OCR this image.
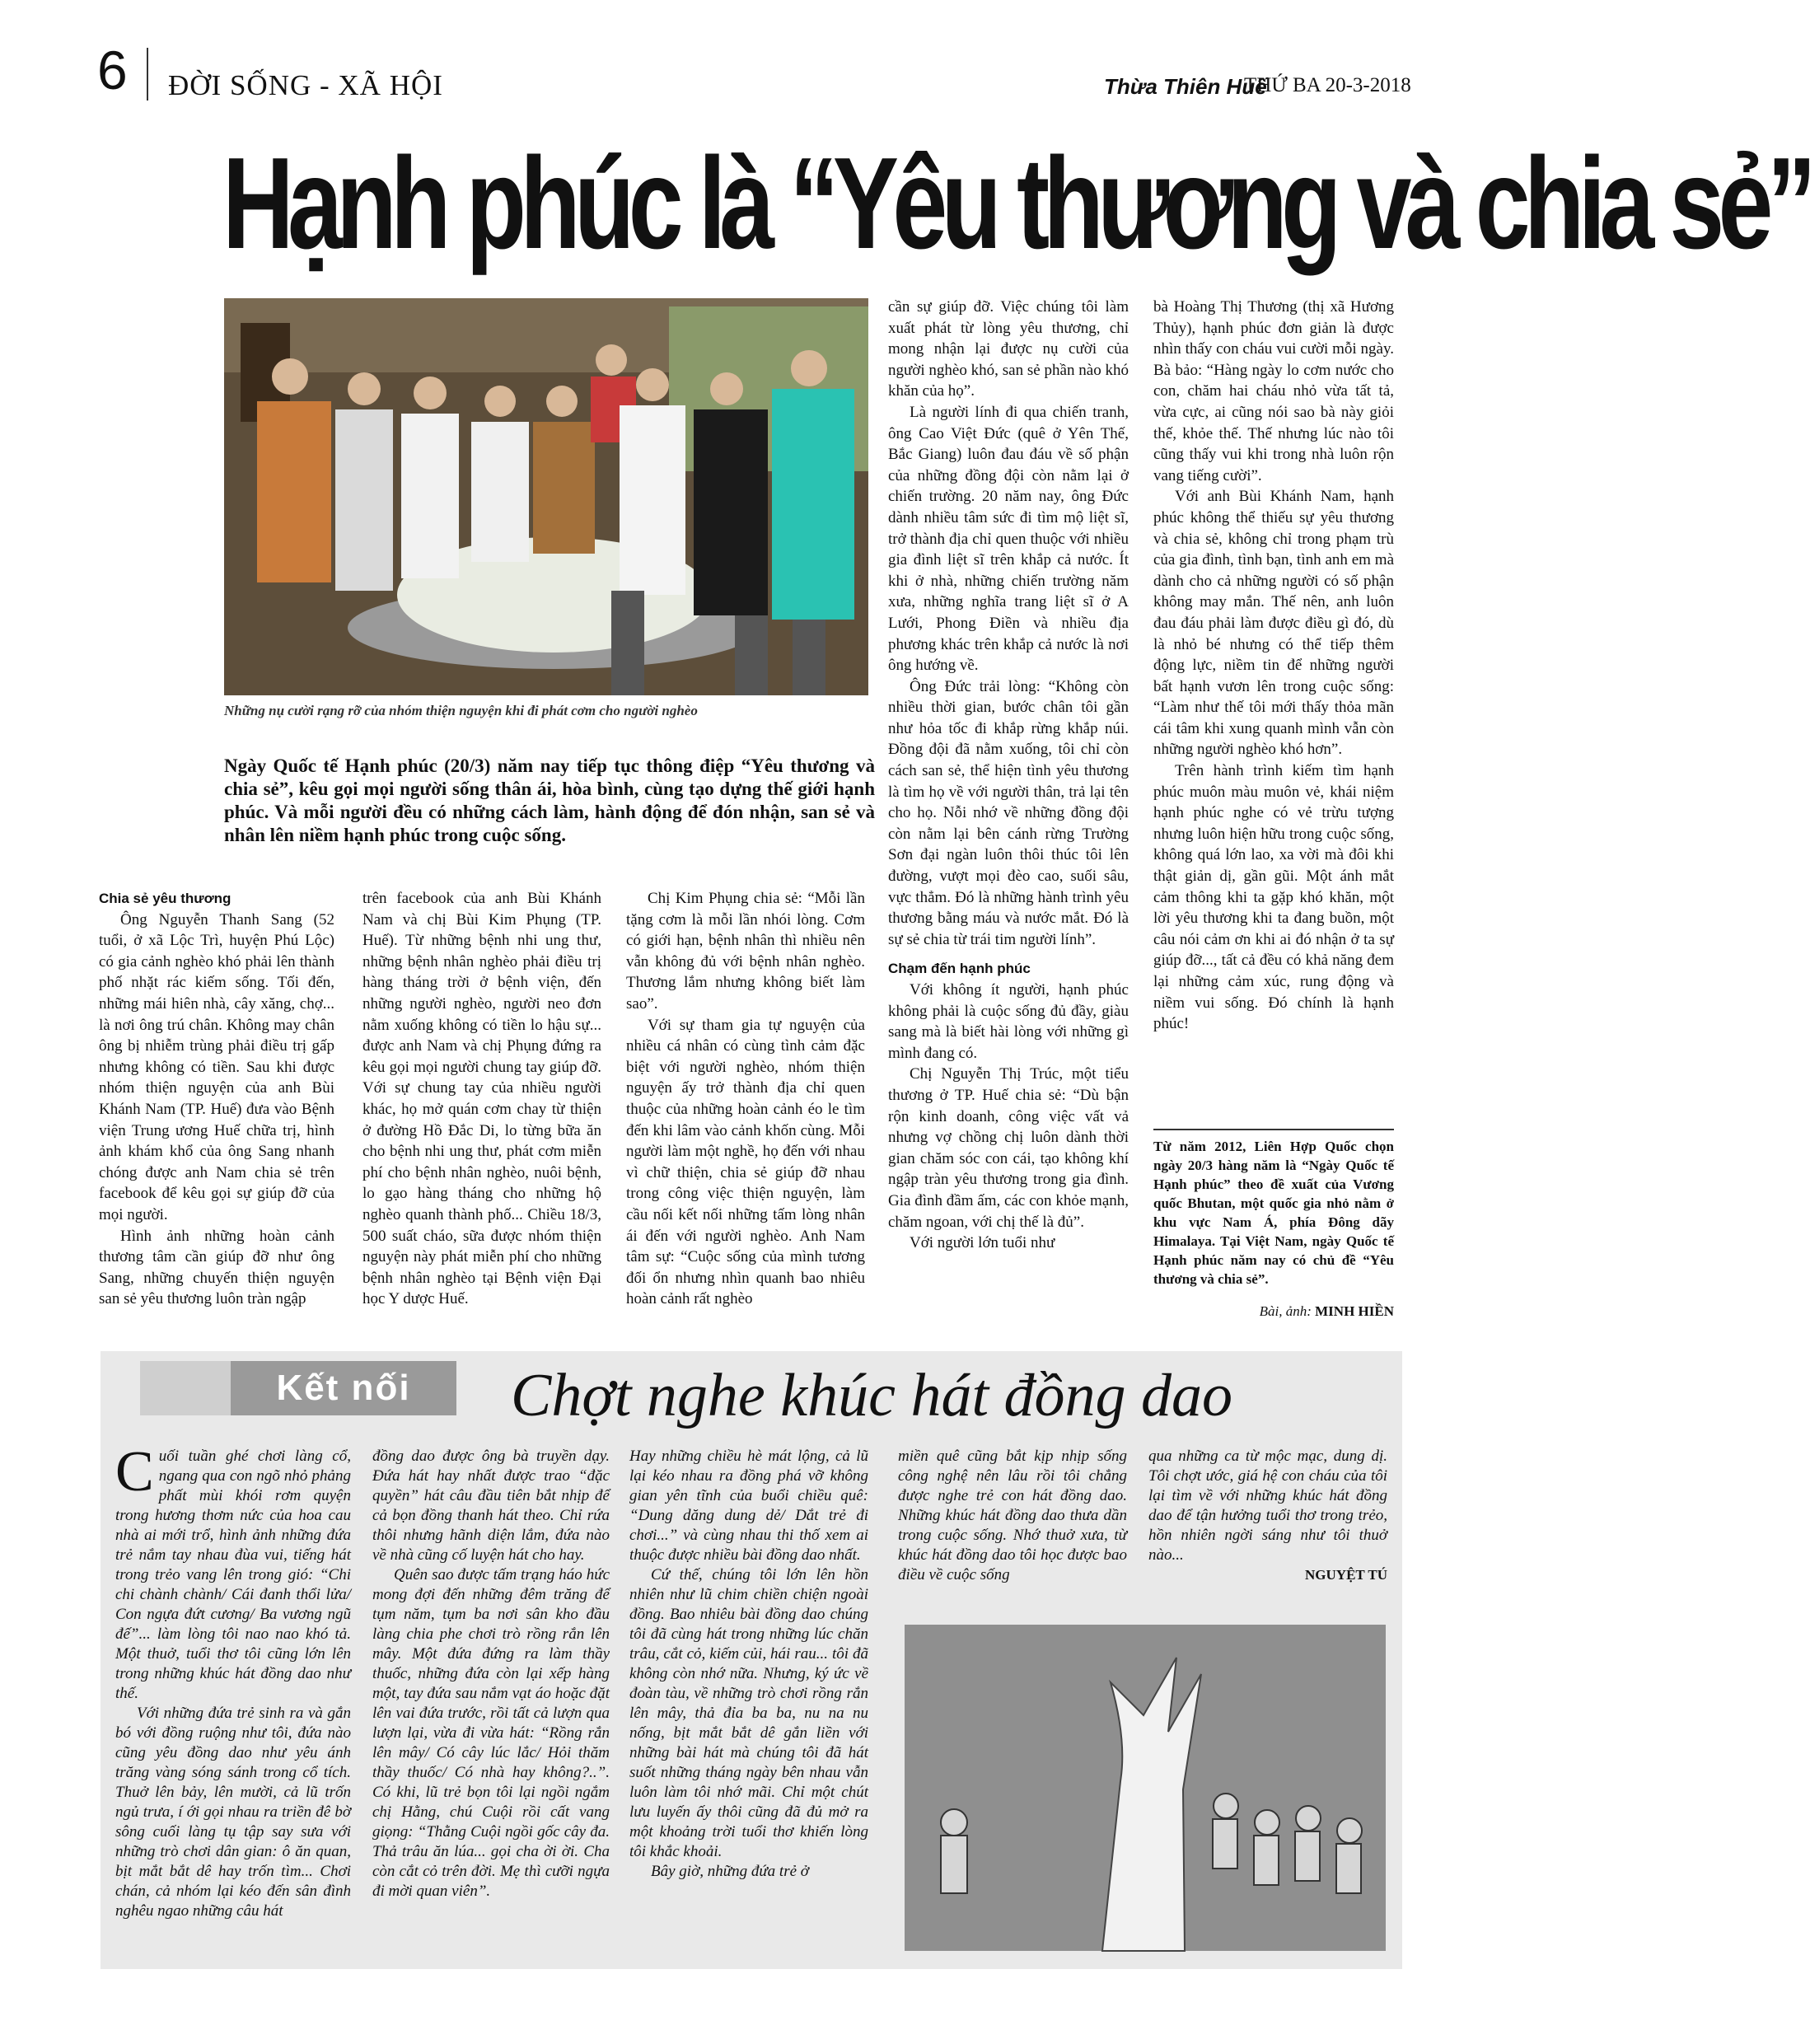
6 ĐỜI SỐNG - XÃ HỘI	Thừa Thiên Huế
THỨ BA 20-3-2018
Hạnh phúc là “Yêu thương và chia sẻ”
Những nụ cười rạng rỡ của nhóm thiện nguyện khi đi phát cơm cho người nghèo
Ngày Quốc tế Hạnh phúc (20/3) năm nay tiếp tục thông điệp “Yêu thương và chia sẻ”, kêu gọi mọi người sống thân ái, hòa bình, cùng tạo dựng thế giới hạnh phúc. Và mỗi người đều có những cách làm, hành động để đón nhận, san sẻ và nhân lên niềm hạnh phúc trong cuộc sống.

Chia sẻ yêu thương

Ông Nguyễn Thanh Sang (52 tuổi, ở xã Lộc Trì, huyện Phú Lộc) có gia cảnh nghèo khó phải lên thành phố nhặt rác kiếm sống. Tối đến, những mái hiên nhà, cây xăng, chợ... là nơi ông trú chân. Không may chân ông bị nhiễm trùng phải điều trị gấp nhưng không có tiền. Sau khi được nhóm thiện nguyện của anh Bùi Khánh Nam (TP. Huế) đưa vào Bệnh viện Trung ương Huế chữa trị, hình ảnh khám khổ của ông Sang nhanh chóng được anh Nam chia sẻ trên facebook để kêu gọi sự giúp đỡ của mọi người.

Hình ảnh những hoàn cảnh thương tâm cần giúp đỡ như ông Sang, những chuyến thiện nguyện san sẻ yêu thương luôn tràn ngập

trên facebook của anh Bùi Khánh Nam và chị Bùi Kim Phụng (TP. Huế). Từ những bệnh nhi ung thư, những bệnh nhân nghèo phải điều trị hàng tháng trời ở bệnh viện, đến những người nghèo, người neo đơn nằm xuống không có tiền lo hậu sự... được anh Nam và chị Phụng đứng ra kêu gọi mọi người chung tay giúp đỡ. Với sự chung tay của nhiều người khác, họ mở quán cơm chay từ thiện ở đường Hồ Đắc Di, lo từng bữa ăn cho bệnh nhi ung thư, phát cơm miễn phí cho bệnh nhân nghèo, nuôi bệnh, lo gạo hàng tháng cho những hộ nghèo quanh thành phố... Chiều 18/3, 500 suất cháo, sữa được nhóm thiện nguyện này phát miễn phí cho những bệnh nhân nghèo tại Bệnh viện Đại học Y dược Huế.

Chị Kim Phụng chia sẻ: “Mỗi lần tặng cơm là mỗi lần nhói lòng. Cơm có giới hạn, bệnh nhân thì nhiều nên vẫn không đủ với bệnh nhân nghèo. Thương lắm nhưng không biết làm sao”.

Với sự tham gia tự nguyện của nhiều cá nhân có cùng tình cảm đặc biệt với người nghèo, nhóm thiện nguyện ấy trở thành địa chỉ quen thuộc của những hoàn cảnh éo le tìm đến khi lâm vào cảnh khốn cùng. Mỗi người làm một nghề, họ đến với nhau vì chữ thiện, chia sẻ giúp đỡ nhau trong công việc thiện nguyện, làm cầu nối kết nối những tấm lòng nhân ái đến với người nghèo. Anh Nam tâm sự: “Cuộc sống của mình tương đối ổn nhưng nhìn quanh bao nhiêu hoàn cảnh rất nghèo

cần sự giúp đỡ. Việc chúng tôi làm xuất phát từ lòng yêu thương, chỉ mong nhận lại được nụ cười của người nghèo khó, san sẻ phần nào khó khăn của họ”.

Là người lính đi qua chiến tranh, ông Cao Việt Đức (quê ở Yên Thế, Bắc Giang) luôn đau đáu về số phận của những đồng đội còn nằm lại ở chiến trường. 20 năm nay, ông Đức dành nhiều tâm sức đi tìm mộ liệt sĩ, trở thành địa chỉ quen thuộc với nhiều gia đình liệt sĩ trên khắp cả nước. Ít khi ở nhà, những chiến trường năm xưa, những nghĩa trang liệt sĩ ở A Lưới, Phong Điền và nhiều địa phương khác trên khắp cả nước là nơi ông hướng về.

Ông Đức trải lòng: “Không còn nhiều thời gian, bước chân tôi gần như hỏa tốc đi khắp rừng khắp núi. Đồng đội đã nằm xuống, tôi chỉ còn cách san sẻ, thể hiện tình yêu thương là tìm họ về với người thân, trả lại tên cho họ. Nỗi nhớ về những đồng đội còn nằm lại bên cánh rừng Trường Sơn đại ngàn luôn thôi thúc tôi lên đường, vượt mọi đèo cao, suối sâu, vực thẳm. Đó là những hành trình yêu thương bằng máu và nước mắt. Đó là sự sẻ chia từ trái tim người lính”.

Chạm đến hạnh phúc

Với không ít người, hạnh phúc không phải là cuộc sống đủ đầy, giàu sang mà là biết hài lòng với những gì mình đang có.

Chị Nguyễn Thị Trúc, một tiểu thương ở TP. Huế chia sẻ: “Dù bận rộn kinh doanh, công việc vất vả nhưng vợ chồng chị luôn dành thời gian chăm sóc con cái, tạo không khí ngập tràn yêu thương trong gia đình. Gia đình đầm ấm, các con khỏe mạnh, chăm ngoan, với chị thế là đủ”.

Với người lớn tuổi như

bà Hoàng Thị Thương (thị xã Hương Thủy), hạnh phúc đơn giản là được nhìn thấy con cháu vui cười mỗi ngày. Bà bảo: “Hàng ngày lo cơm nước cho con, chăm hai cháu nhỏ vừa tất tả, vừa cực, ai cũng nói sao bà này giỏi thế, khỏe thế. Thế nhưng lúc nào tôi cũng thấy vui khi trong nhà luôn rộn vang tiếng cười”.

Với anh Bùi Khánh Nam, hạnh phúc không thể thiếu sự yêu thương và chia sẻ, không chỉ trong phạm trù của gia đình, tình bạn, tình anh em mà dành cho cả những người có số phận không may mắn. Thế nên, anh luôn đau đáu phải làm được điều gì đó, dù là nhỏ bé nhưng có thể tiếp thêm động lực, niềm tin để những người bất hạnh vươn lên trong cuộc sống: “Làm như thế tôi mới thấy thỏa mãn cái tâm khi xung quanh mình vẫn còn những người nghèo khó hơn”.

Trên hành trình kiếm tìm hạnh phúc muôn màu muôn vẻ, khái niệm hạnh phúc nghe có vẻ trừu tượng nhưng luôn hiện hữu trong cuộc sống, không quá lớn lao, xa vời mà đôi khi thật giản dị, gần gũi. Một ánh mắt cảm thông khi ta gặp khó khăn, một lời yêu thương khi ta đang buồn, một câu nói cảm ơn khi ai đó nhận ở ta sự giúp đỡ..., tất cả đều có khả năng đem lại những cảm xúc, rung động và niềm vui sống. Đó chính là hạnh phúc!

Từ năm 2012, Liên Hợp Quốc chọn ngày 20/3 hàng năm là “Ngày Quốc tế Hạnh phúc” theo đề xuất của Vương quốc Bhutan, một quốc gia nhỏ nằm ở khu vực Nam Á, phía Đông dãy Himalaya. Tại Việt Nam, ngày Quốc tế Hạnh phúc năm nay có chủ đề “Yêu thương và chia sẻ”.
Bài, ảnh: MINH HIỀN
Kết nối	Chợt nghe khúc hát đồng dao
C uối tuần ghé chơi làng cổ, ngang qua con ngõ nhỏ phảng phất mùi khói rơm quyện trong hương thơm nức của hoa cau nhà ai mới trổ, hình ảnh những đứa trẻ nắm tay nhau đùa vui, tiếng hát trong trẻo vang lên trong gió: “Chi chi chành chành/ Cái đanh thổi lửa/ Con ngựa đứt cương/ Ba vương ngũ đế”... làm lòng tôi nao nao khó tả. Một thuở, tuổi thơ tôi cũng lớn lên trong những khúc hát đồng dao như thế.

Với những đứa trẻ sinh ra và gắn bó với đồng ruộng như tôi, đứa nào cũng yêu đồng dao như yêu ánh trăng vàng sóng sánh trong cổ tích. Thuở lên bảy, lên mười, cả lũ trốn ngủ trưa, í ới gọi nhau ra triền đê bờ sông cuối làng tụ tập say sưa với những trò chơi dân gian: ô ăn quan, bịt mắt bắt dê hay trốn tìm... Chơi chán, cả nhóm lại kéo đến sân đình nghêu ngao những câu hát

đồng dao được ông bà truyền dạy. Đứa hát hay nhất được trao “đặc quyền” hát câu đầu tiên bắt nhịp để cả bọn đồng thanh hát theo. Chỉ rứa thôi nhưng hãnh diện lắm, đứa nào về nhà cũng cố luyện hát cho hay.

Quên sao được tấm trạng háo hức mong đợi đến những đêm trăng để tụm năm, tụm ba nơi sân kho đầu làng chia phe chơi trò rồng rắn lên mây. Một đứa đứng ra làm thầy thuốc, những đứa còn lại xếp hàng một, tay đứa sau nắm vạt áo hoặc đặt lên vai đứa trước, rồi tất cả lượn qua lượn lại, vừa đi vừa hát: “Rồng rắn lên mây/ Có cây lúc lắc/ Hỏi thăm thầy thuốc/ Có nhà hay không?..”. Có khi, lũ trẻ bọn tôi lại ngồi ngắm chị Hằng, chú Cuội rồi cất vang giọng: “Thằng Cuội ngồi gốc cây đa. Thả trâu ăn lúa... gọi cha ời ời. Cha còn cắt cỏ trên đời. Mẹ thì cưỡi ngựa đi mời quan viên”.

Hay những chiều hè mát lộng, cả lũ lại kéo nhau ra đồng phá vỡ không gian yên tĩnh của buổi chiều quê: “Dung dăng dung dẻ/ Dắt trẻ đi chơi...” và cùng nhau thi thố xem ai thuộc được nhiều bài đồng dao nhất.

Cứ thế, chúng tôi lớn lên hồn nhiên như lũ chim chiền chiện ngoài đồng. Bao nhiêu bài đồng dao chúng tôi đã cùng hát trong những lúc chăn trâu, cắt cỏ, kiếm củi, hái rau... tôi đã không còn nhớ nữa. Nhưng, ký ức về đoàn tàu, về những trò chơi rồng rắn lên mây, thả đỉa ba ba, nu na nu nống, bịt mắt bắt dê gắn liền với những bài hát mà chúng tôi đã hát suốt những tháng ngày bên nhau vẫn luôn làm tôi nhớ mãi. Chỉ một chút lưu luyến ấy thôi cũng đã đủ mở ra một khoảng trời tuổi thơ khiến lòng tôi khắc khoải.

Bây giờ, những đứa trẻ ở

miền quê cũng bắt kịp nhịp sống công nghệ nên lâu rồi tôi chẳng được nghe trẻ con hát đồng dao. Những khúc hát đồng dao thưa dần trong cuộc sống. Nhớ thuở xưa, từ khúc hát đồng dao tôi học được bao điều về cuộc sống

qua những ca từ mộc mạc, dung dị. Tôi chợt ước, giá hệ con cháu của tôi lại tìm về với những khúc hát đồng dao để tận hưởng tuổi thơ trong trẻo, hồn nhiên ngời sáng như tôi thuở nào...

NGUYỆT TÚ
